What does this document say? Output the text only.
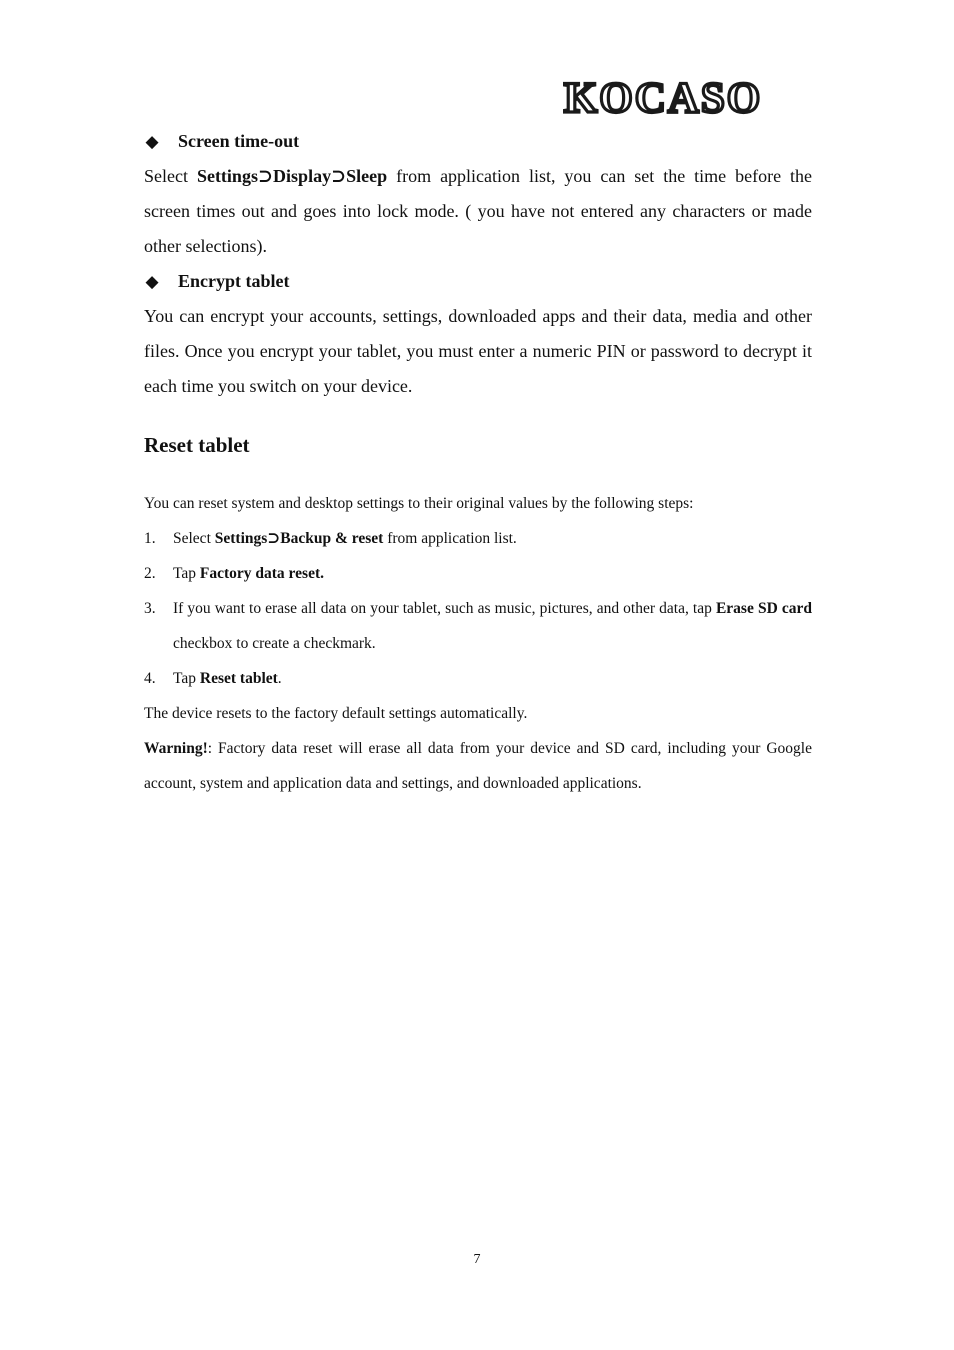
KOCASO
◆ Screen time-out

Select Settings⊃Display⊃Sleep from application list, you can set the time before the screen times out and goes into lock mode. ( you have not entered any characters or made other selections).

◆ Encrypt tablet

You can encrypt your accounts, settings, downloaded apps and their data, media and other files. Once you encrypt your tablet, you must enter a numeric PIN or password to decrypt it each time you switch on your device.

Reset tablet

You can reset system and desktop settings to their original values by the following steps:

1.	Select Settings⊃Backup & reset from application list.
2.	Tap Factory data reset.
3.	If you want to erase all data on your tablet, such as music, pictures, and other data, tap Erase SD card checkbox to create a checkmark.
4.	Tap Reset tablet.

The device resets to the factory default settings automatically.

Warning!: Factory data reset will erase all data from your device and SD card, including your Google account, system and application data and settings, and downloaded applications.

7
